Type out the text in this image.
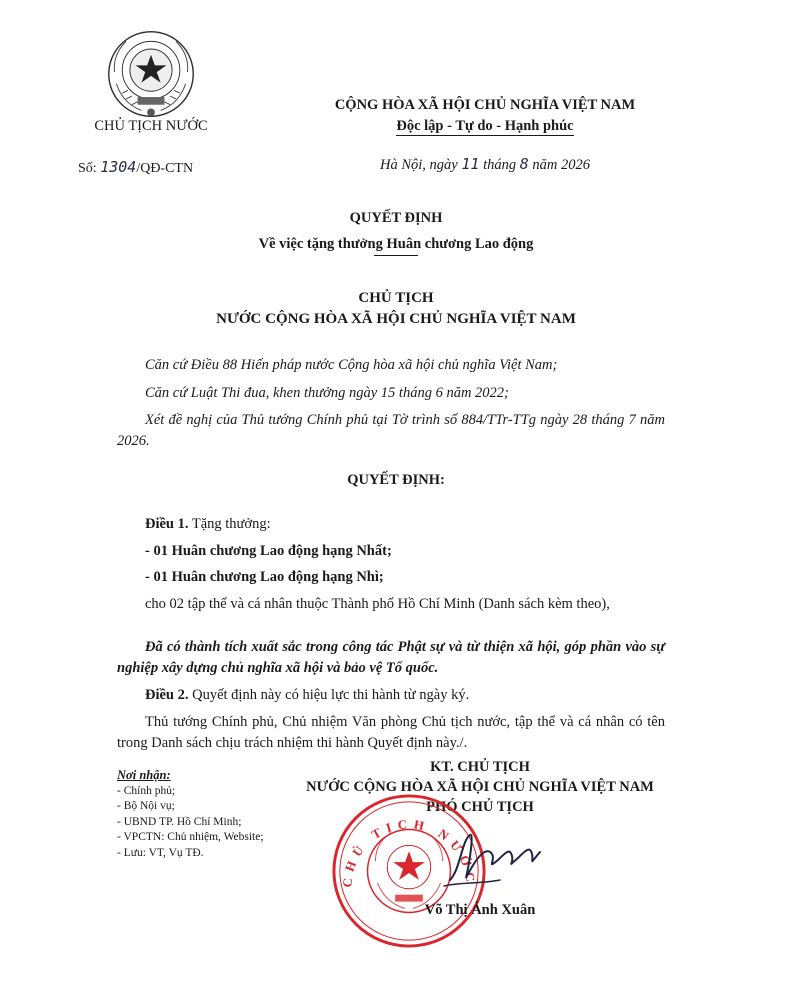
CHỦ TỊCH NƯỚC
Số: 1304/QĐ-CTN
CỘNG HÒA XÃ HỘI CHỦ NGHĨA VIỆT NAM
Độc lập - Tự do - Hạnh phúc
Hà Nội, ngày 11 tháng 8 năm 2026
QUYẾT ĐỊNH
Về việc tặng thưởng Huân chương Lao động
CHỦ TỊCH
NƯỚC CỘNG HÒA XÃ HỘI CHỦ NGHĨA VIỆT NAM
Căn cứ Điều 88 Hiến pháp nước Cộng hòa xã hội chủ nghĩa Việt Nam;
Căn cứ Luật Thi đua, khen thưởng ngày 15 tháng 6 năm 2022;
Xét đề nghị của Thủ tướng Chính phủ tại Tờ trình số 884/TTr-TTg ngày 28 tháng 7 năm 2026.
QUYẾT ĐỊNH:
Điều 1. Tặng thưởng:
- 01 Huân chương Lao động hạng Nhất;
- 01 Huân chương Lao động hạng Nhì;
cho 02 tập thể và cá nhân thuộc Thành phố Hồ Chí Minh (Danh sách kèm theo),
Đã có thành tích xuất sắc trong công tác Phật sự và từ thiện xã hội, góp phần vào sự nghiệp xây dựng chủ nghĩa xã hội và bảo vệ Tổ quốc.
Điều 2. Quyết định này có hiệu lực thi hành từ ngày ký.
Thủ tướng Chính phủ, Chủ nhiệm Văn phòng Chủ tịch nước, tập thể và cá nhân có tên trong Danh sách chịu trách nhiệm thi hành Quyết định này./.
Nơi nhận:
- Chính phủ;
- Bộ Nội vụ;
- UBND TP. Hồ Chí Minh;
- VPCTN: Chủ nhiệm, Website;
- Lưu: VT, Vụ TĐ.
KT. CHỦ TỊCH
NƯỚC CỘNG HÒA XÃ HỘI CHỦ NGHĨA VIỆT NAM
PHÓ CHỦ TỊCH
CHỦ TỊCH NƯỚC
Võ Thị Ánh Xuân
